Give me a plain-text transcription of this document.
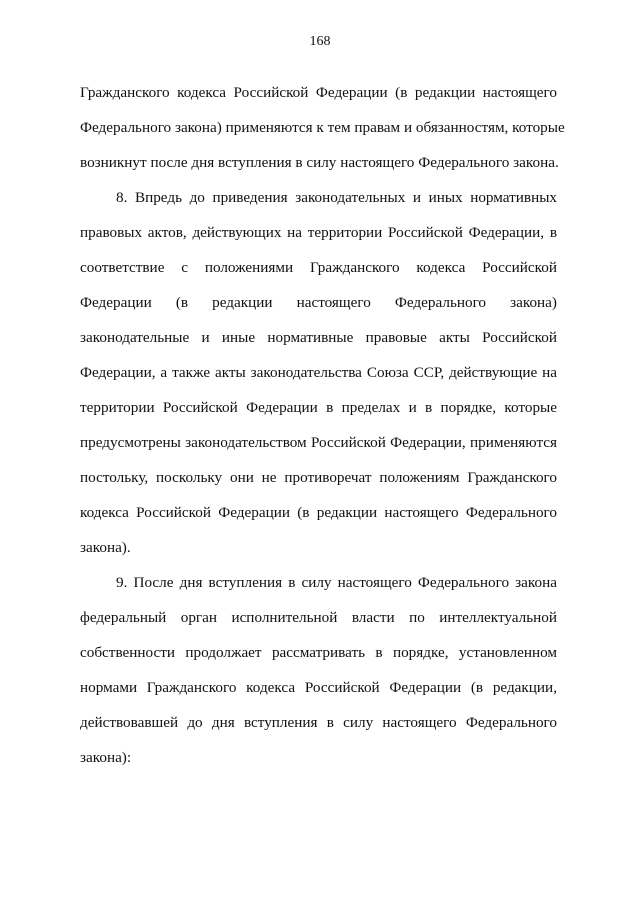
168
Гражданского кодекса Российской Федерации (в редакции настоящего
Федерального закона) применяются к тем правам и обязанностям, которые
возникнут после дня вступления в силу настоящего Федерального закона.
8. Впредь до приведения законодательных и иных нормативных
правовых актов, действующих на территории Российской Федерации, в
соответствие с положениями Гражданского кодекса Российской
Федерации (в редакции настоящего Федерального закона)
законодательные и иные нормативные правовые акты Российской
Федерации, а также акты законодательства Союза ССР, действующие на
территории Российской Федерации в пределах и в порядке, которые
предусмотрены законодательством Российской Федерации, применяются
постольку, поскольку они не противоречат положениям Гражданского
кодекса Российской Федерации (в редакции настоящего Федерального
закона).
9. После дня вступления в силу настоящего Федерального закона
федеральный орган исполнительной власти по интеллектуальной
собственности продолжает рассматривать в порядке, установленном
нормами Гражданского кодекса Российской Федерации (в редакции,
действовавшей до дня вступления в силу настоящего Федерального
закона):
